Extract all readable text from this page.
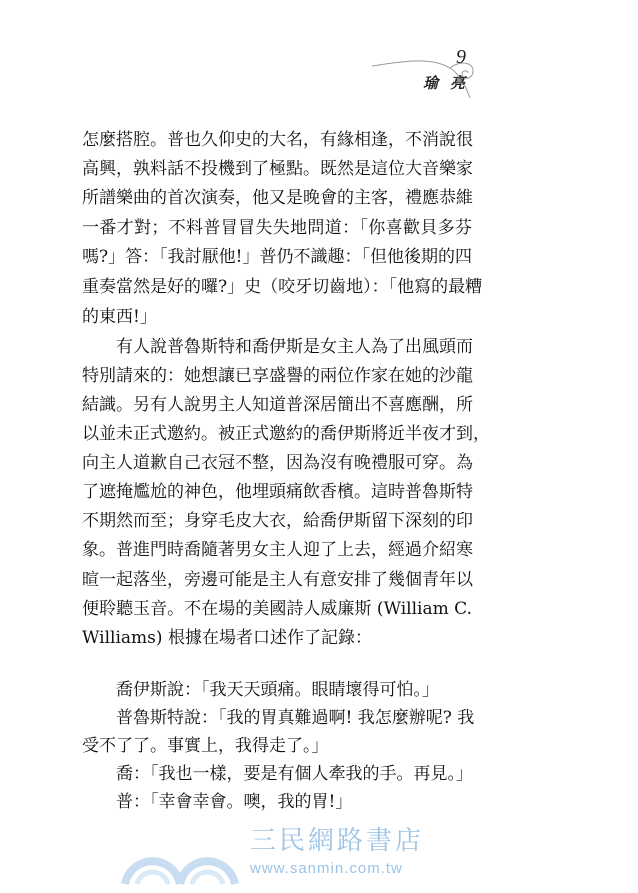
9
瑜亮
怎麼搭腔。普也久仰史的大名，有緣相逢，不消說很
高興，孰料話不投機到了極點。既然是這位大音樂家
所譜樂曲的首次演奏，他又是晚會的主客，禮應恭維
一番才對；不料普冒冒失失地問道：「你喜歡貝多芬
嗎?」答：「我討厭他!」普仍不識趣：「但他後期的四
重奏當然是好的囉?」史（咬牙切齒地）：「他寫的最糟
的東西!」
有人說普魯斯特和喬伊斯是女主人為了出風頭而
特別請來的：她想讓已享盛譽的兩位作家在她的沙龍
結識。另有人說男主人知道普深居簡出不喜應酬，所
以並未正式邀約。被正式邀約的喬伊斯將近半夜才到，
向主人道歉自己衣冠不整，因為沒有晚禮服可穿。為
了遮掩尷尬的神色，他埋頭痛飲香檳。這時普魯斯特
不期然而至；身穿毛皮大衣，給喬伊斯留下深刻的印
象。普進門時喬隨著男女主人迎了上去，經過介紹寒
暄一起落坐，旁邊可能是主人有意安排了幾個青年以
便聆聽玉音。不在場的美國詩人威廉斯 (William C.
Williams) 根據在場者口述作了記錄：
喬伊斯說：「我天天頭痛。眼睛壞得可怕。」
普魯斯特說：「我的胃真難過啊! 我怎麼辦呢? 我
受不了了。事實上，我得走了。」
喬：「我也一樣，要是有個人牽我的手。再見。」
普：「幸會幸會。噢，我的胃!」
三民網路書店
www.sanmin.com.tw
